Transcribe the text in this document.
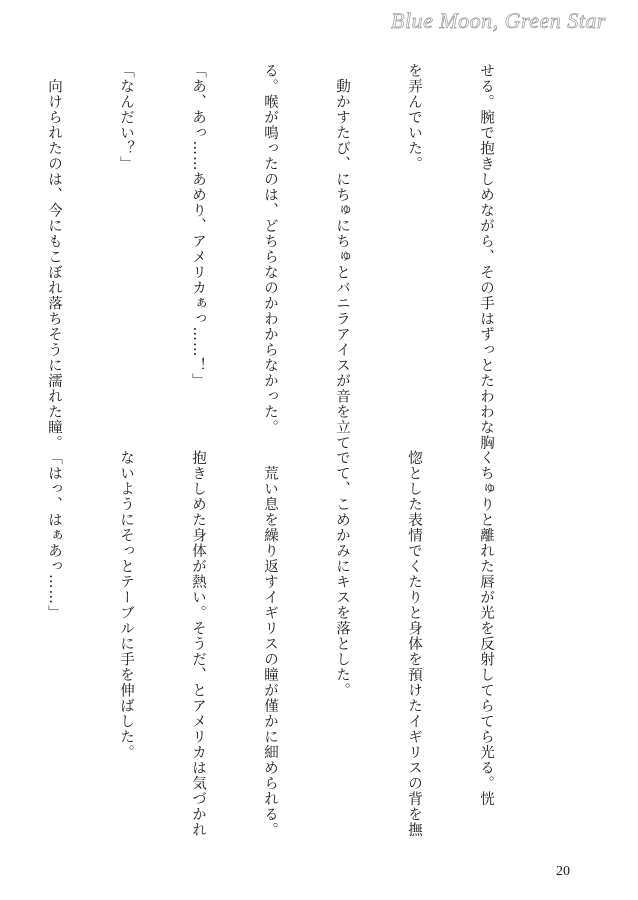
Blue Moon, Green Star

せる。腕で抱きしめながら、その手はずっとたわわな胸

を弄んでいた。

　動かすたび、にちゅにちゅとバニラアイスが音を立て

る。喉が鳴ったのは、どちらなのかわからなかった。

「あ、あっ……あめり、アメリカぁっ……！」

「なんだい？」

　向けられたのは、今にもこぼれ落ちそうに濡れた瞳。

くちゅりと離れた唇が光を反射してらてら光る。恍

惚とした表情でくたりと身体を預けたイギリスの背を撫

でて、こめかみにキスを落とした。

　荒い息を繰り返すイギリスの瞳が僅かに細められる。

抱きしめた身体が熱い。そうだ、とアメリカは気づかれ

ないようにそっとテーブルに手を伸ばした。

「はっ、はぁあっ……」

20
